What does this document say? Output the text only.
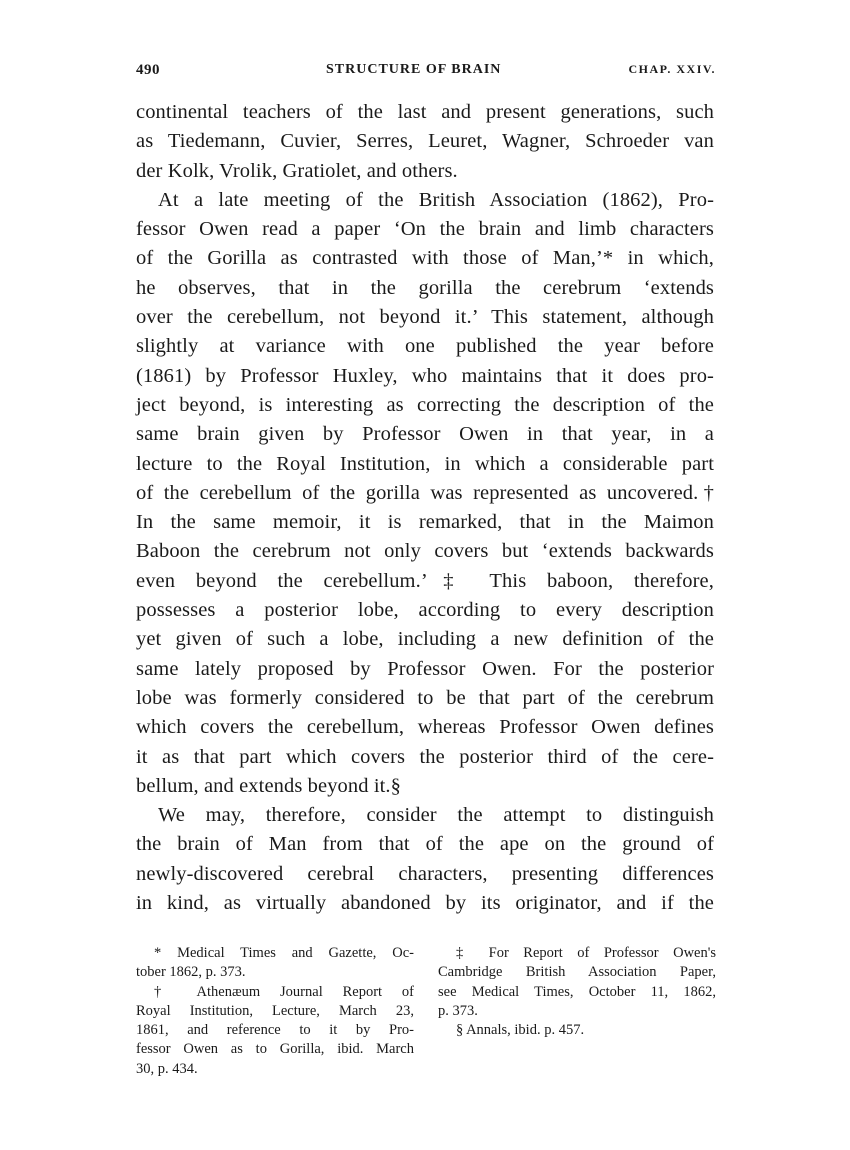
490	STRUCTURE OF BRAIN	CHAP. XXIV.
continental teachers of the last and present generations, such
as Tiedemann, Cuvier, Serres, Leuret, Wagner, Schroeder van
der Kolk, Vrolik, Gratiolet, and others.
At a late meeting of the British Association (1862), Pro-
fessor Owen read a paper ‘On the brain and limb characters
of the Gorilla as contrasted with those of Man,’* in which,
he observes, that in the gorilla the cerebrum ‘extends
over the cerebellum, not beyond it.’ This statement, although
slightly at variance with one published the year before
(1861) by Professor Huxley, who maintains that it does pro-
ject beyond, is interesting as correcting the description of the
same brain given by Professor Owen in that year, in a
lecture to the Royal Institution, in which a considerable part
of the cerebellum of the gorilla was represented as uncovered.†
In the same memoir, it is remarked, that in the Maimon
Baboon the cerebrum not only covers but ‘extends backwards
even beyond the cerebellum.’‡ This baboon, therefore,
possesses a posterior lobe, according to every description
yet given of such a lobe, including a new definition of the
same lately proposed by Professor Owen. For the posterior
lobe was formerly considered to be that part of the cerebrum
which covers the cerebellum, whereas Professor Owen defines
it as that part which covers the posterior third of the cere-
bellum, and extends beyond it.§
We may, therefore, consider the attempt to distinguish
the brain of Man from that of the ape on the ground of
newly-discovered cerebral characters, presenting differences
in kind, as virtually abandoned by its originator, and if the
* Medical Times and Gazette, Oc-
tober 1862, p. 373.
† Athenæum Journal Report of
Royal Institution, Lecture, March 23,
1861, and reference to it by Pro-
fessor Owen as to Gorilla, ibid. March
30, p. 434.
‡ For Report of Professor Owen's
Cambridge British Association Paper,
see Medical Times, October 11, 1862,
p. 373.
§ Annals, ibid. p. 457.
